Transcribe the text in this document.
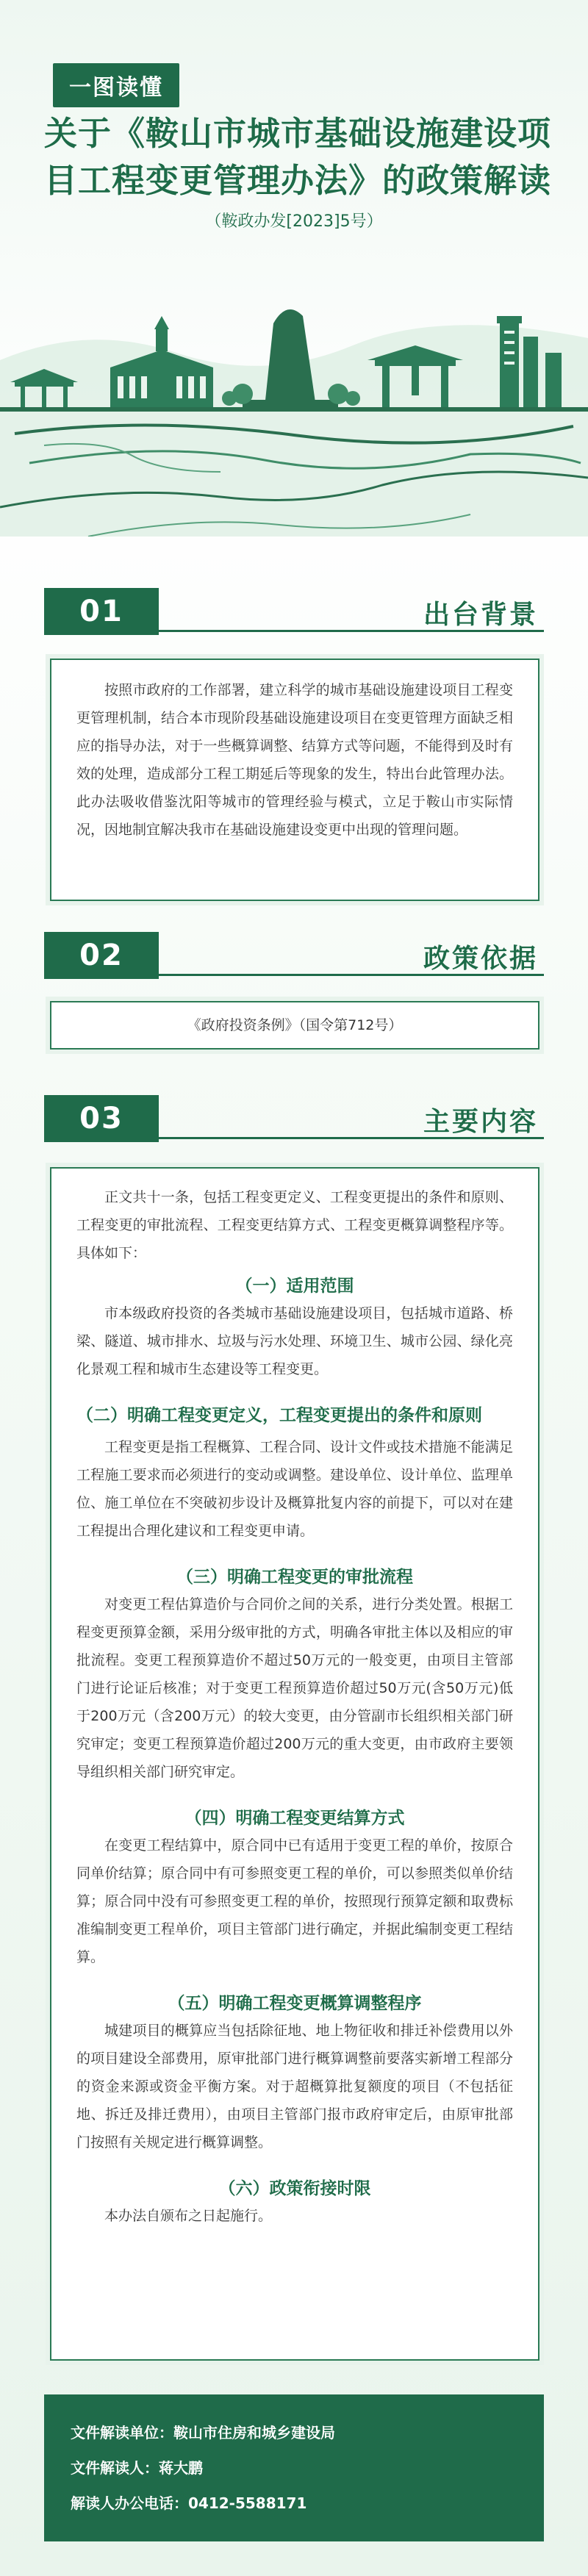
一图读懂
关于《鞍山市城市基础设施建设项目工程变更管理办法》的政策解读
（鞍政办发[2023]5号）
01	出台背景

按照市政府的工作部署，建立科学的城市基础设施建设项目工程变更管理机制，结合本市现阶段基础设施建设项目在变更管理方面缺乏相应的指导办法，对于一些概算调整、结算方式等问题，不能得到及时有效的处理，造成部分工程工期延后等现象的发生，特出台此管理办法。此办法吸收借鉴沈阳等城市的管理经验与模式，立足于鞍山市实际情况，因地制宜解决我市在基础设施建设变更中出现的管理问题。

02	政策依据

《政府投资条例》（国令第712号）

03	主要内容

正文共十一条，包括工程变更定义、工程变更提出的条件和原则、工程变更的审批流程、工程变更结算方式、工程变更概算调整程序等。具体如下：

（一）适用范围

市本级政府投资的各类城市基础设施建设项目，包括城市道路、桥梁、隧道、城市排水、垃圾与污水处理、环境卫生、城市公园、绿化亮化景观工程和城市生态建设等工程变更。

（二）明确工程变更定义，工程变更提出的条件和原则

工程变更是指工程概算、工程合同、设计文件或技术措施不能满足工程施工要求而必须进行的变动或调整。建设单位、设计单位、监理单位、施工单位在不突破初步设计及概算批复内容的前提下，可以对在建工程提出合理化建议和工程变更申请。

（三）明确工程变更的审批流程

对变更工程估算造价与合同价之间的关系，进行分类处置。根据工程变更预算金额，采用分级审批的方式，明确各审批主体以及相应的审批流程。变更工程预算造价不超过50万元的一般变更，由项目主管部门进行论证后核准；对于变更工程预算造价超过50万元(含50万元)低于200万元（含200万元）的较大变更，由分管副市长组织相关部门研究审定；变更工程预算造价超过200万元的重大变更，由市政府主要领导组织相关部门研究审定。

（四）明确工程变更结算方式

在变更工程结算中，原合同中已有适用于变更工程的单价，按原合同单价结算；原合同中有可参照变更工程的单价，可以参照类似单价结算；原合同中没有可参照变更工程的单价，按照现行预算定额和取费标准编制变更工程单价，项目主管部门进行确定，并据此编制变更工程结算。

（五）明确工程变更概算调整程序

城建项目的概算应当包括除征地、地上物征收和排迁补偿费用以外的项目建设全部费用，原审批部门进行概算调整前要落实新增工程部分的资金来源或资金平衡方案。对于超概算批复额度的项目（不包括征地、拆迁及排迁费用），由项目主管部门报市政府审定后，由原审批部门按照有关规定进行概算调整。

（六）政策衔接时限

本办法自颁布之日起施行。

文件解读单位：鞍山市住房和城乡建设局
文件解读人：蒋大鹏
解读人办公电话：0412-5588171
